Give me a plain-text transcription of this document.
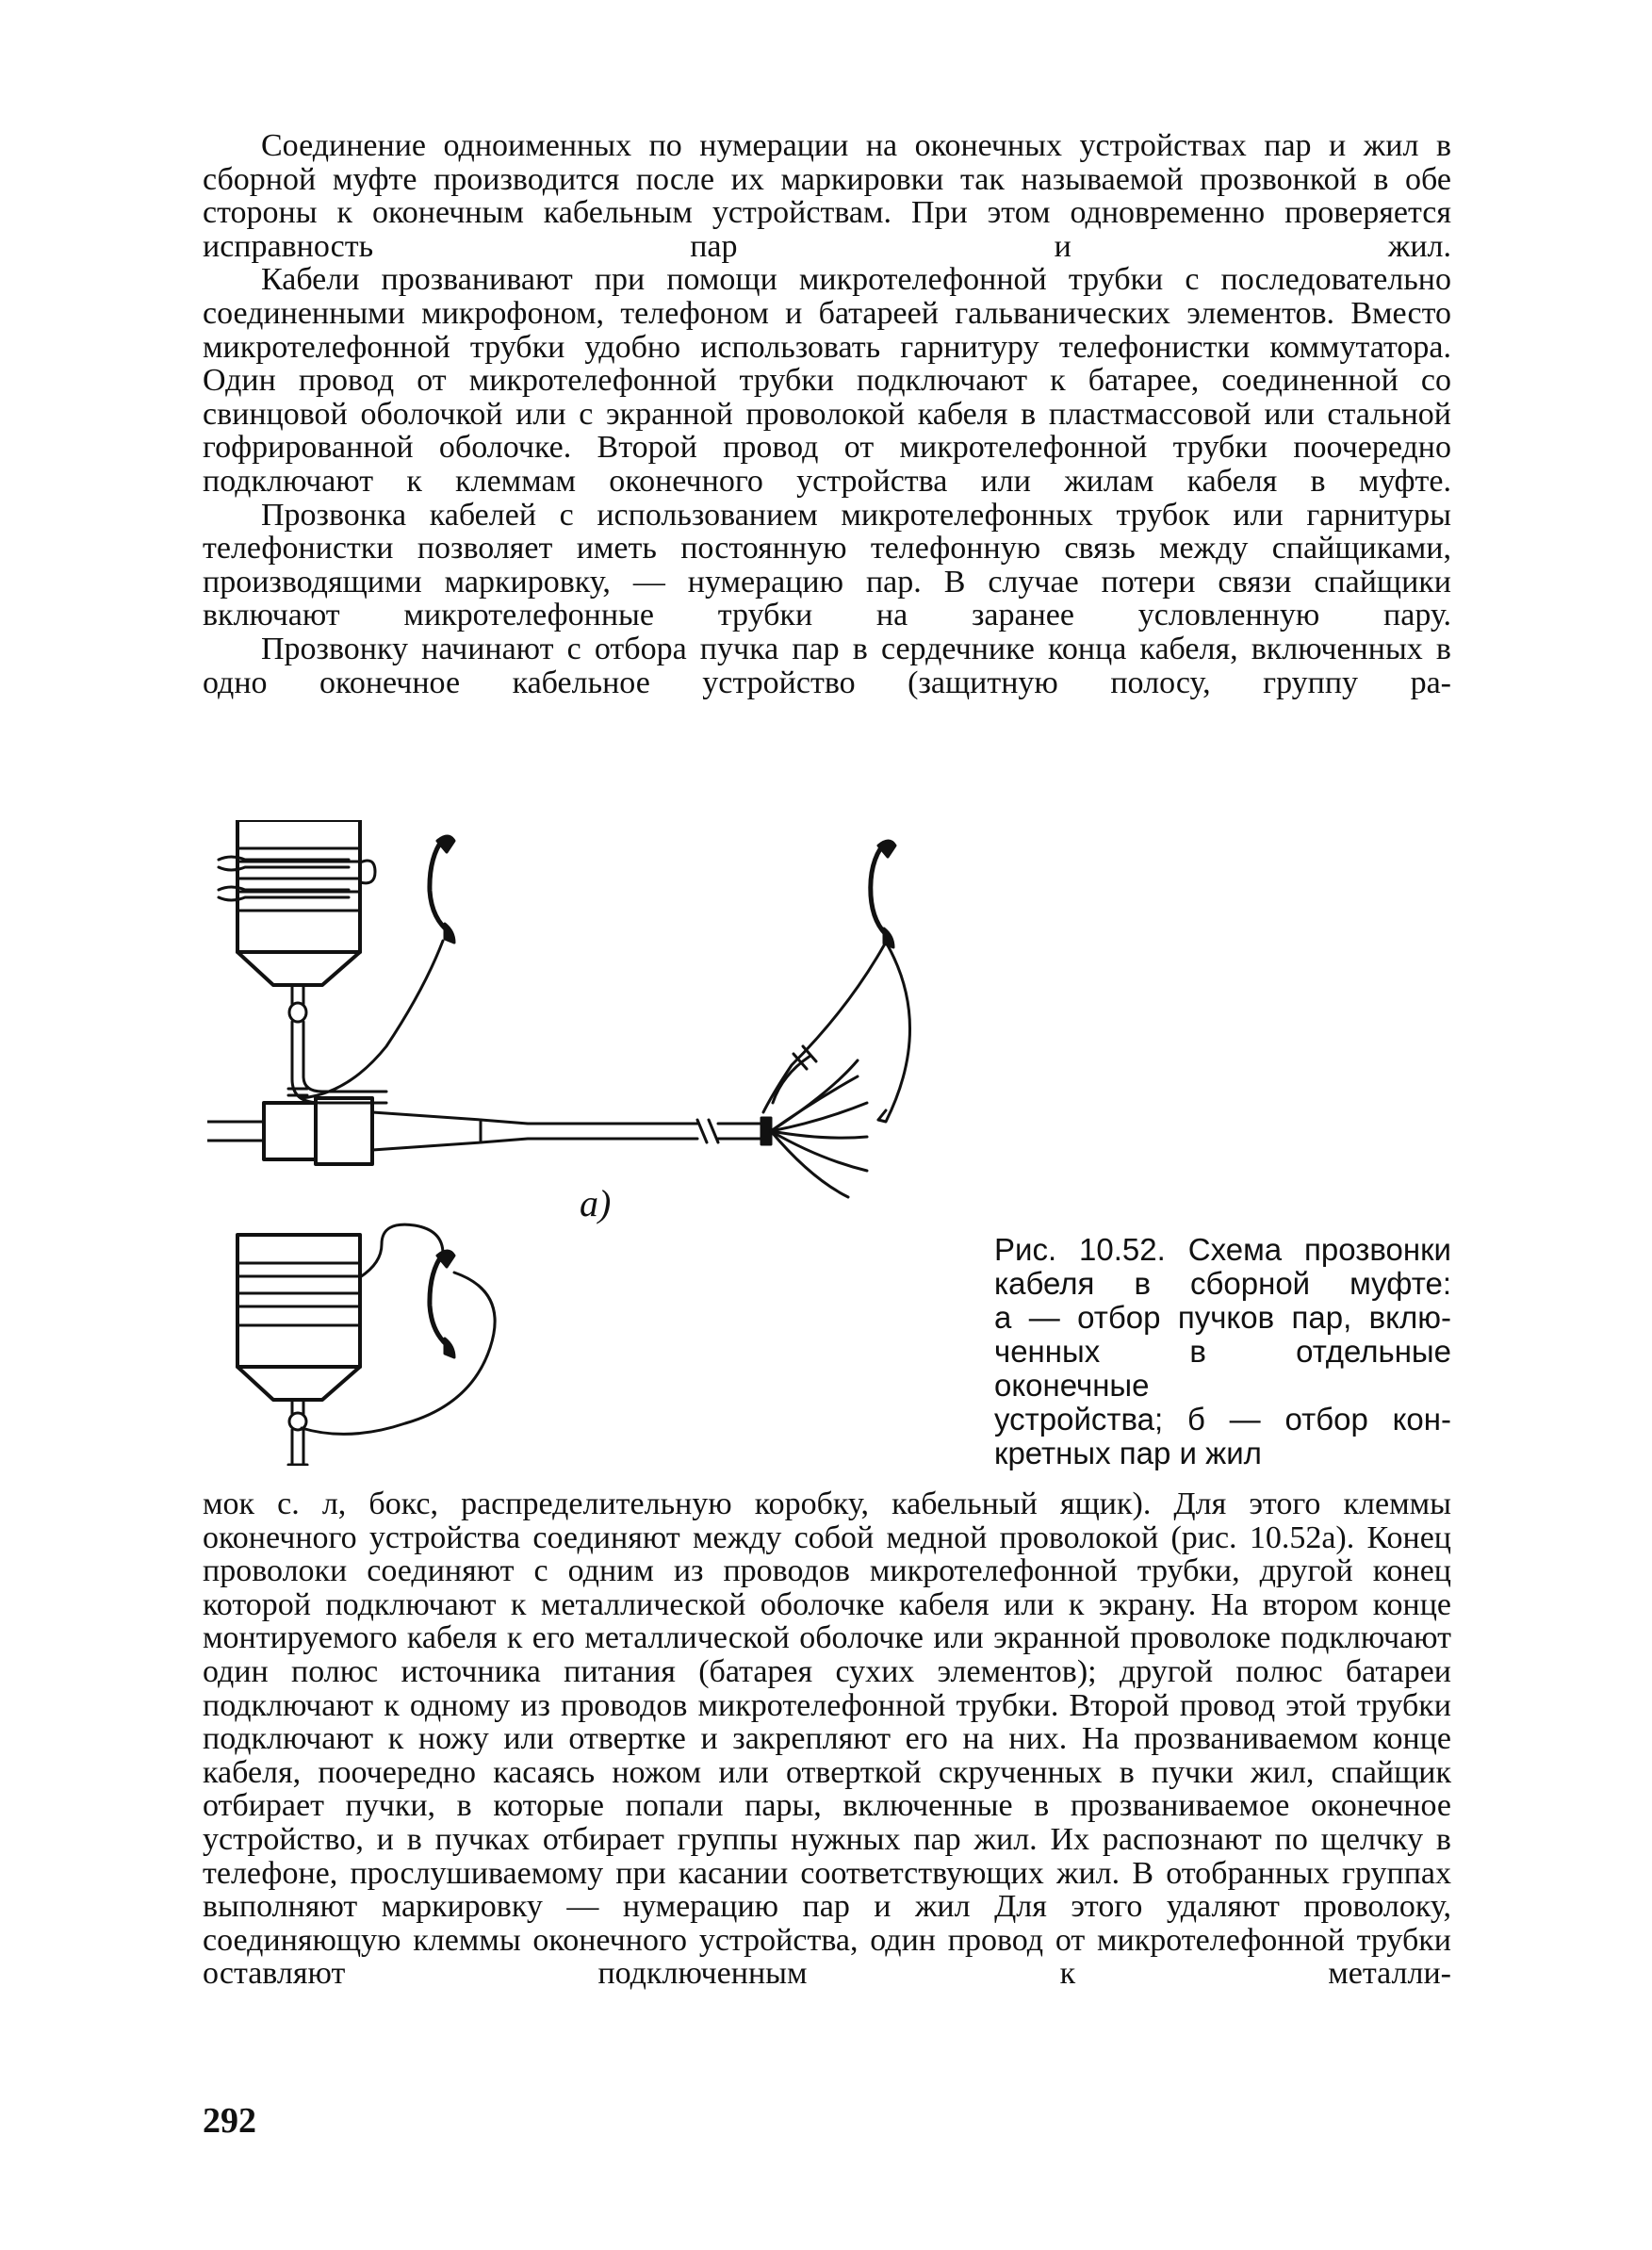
Соединение одноименных по нумерации на оконечных устройствах пар и жил в сборной муфте производится после их маркировки так называемой прозвонкой в обе стороны к оконечным кабельным устройствам. При этом одновременно проверяется исправность пар и жил.

Кабели прозванивают при помощи микротелефонной трубки с последовательно соединенными микрофоном, телефоном и батареей гальванических элементов. Вместо микротелефонной трубки удобно использовать гарнитуру телефонистки коммутатора. Один провод от микротелефонной трубки подключают к батарее, соединенной со свинцовой оболочкой или с экранной проволокой кабеля в пластмассовой или стальной гофрированной оболочке. Второй провод от микротелефонной трубки поочередно подключают к клеммам оконечного устройства или жилам кабеля в муфте.

Прозвонка кабелей с использованием микротелефонных трубок или гарнитуры телефонистки позволяет иметь постоянную телефонную связь между спайщиками, производящими маркировку, — нумерацию пар. В случае потери связи спайщики включают микротелефонные трубки на заранее условленную пару.

Прозвонку начинают с отбора пучка пар в сердечнике конца кабеля, включенных в одно оконечное кабельное устройство (защитную полосу, группу ра-

а)
Рис. 10.52. Схема прозвонки
кабеля в сборной муфте:
а — отбор пучков пар, вклю-
ченных в отдельные оконечные
устройства; б — отбор кон-
кретных пар и жил

мок с. л, бокс, распределительную коробку, кабельный ящик). Для этого клеммы оконечного устройства соединяют между собой медной проволокой (рис. 10.52а). Конец проволоки соединяют с одним из проводов микротелефонной трубки, другой конец которой подключают к металлической оболочке кабеля или к экрану. На втором конце монтируемого кабеля к его металлической оболочке или экранной проволоке подключают один полюс источника питания (батарея сухих элементов); другой полюс батареи подключают к одному из проводов микротелефонной трубки. Второй провод этой трубки подключают к ножу или отвертке и закрепляют его на них. На прозваниваемом конце кабеля, поочередно касаясь ножом или отверткой скрученных в пучки жил, спайщик отбирает пучки, в которые попали пары, включенные в прозваниваемое оконечное устройство, и в пучках отбирает группы нужных пар жил. Их распознают по щелчку в телефоне, прослушиваемому при касании соответствующих жил. В отобранных группах выполняют маркировку — нумерацию пар и жил Для этого удаляют проволоку, соединяющую клеммы оконечного устройства, один провод от микротелефонной трубки оставляют подключенным к металли-

292
